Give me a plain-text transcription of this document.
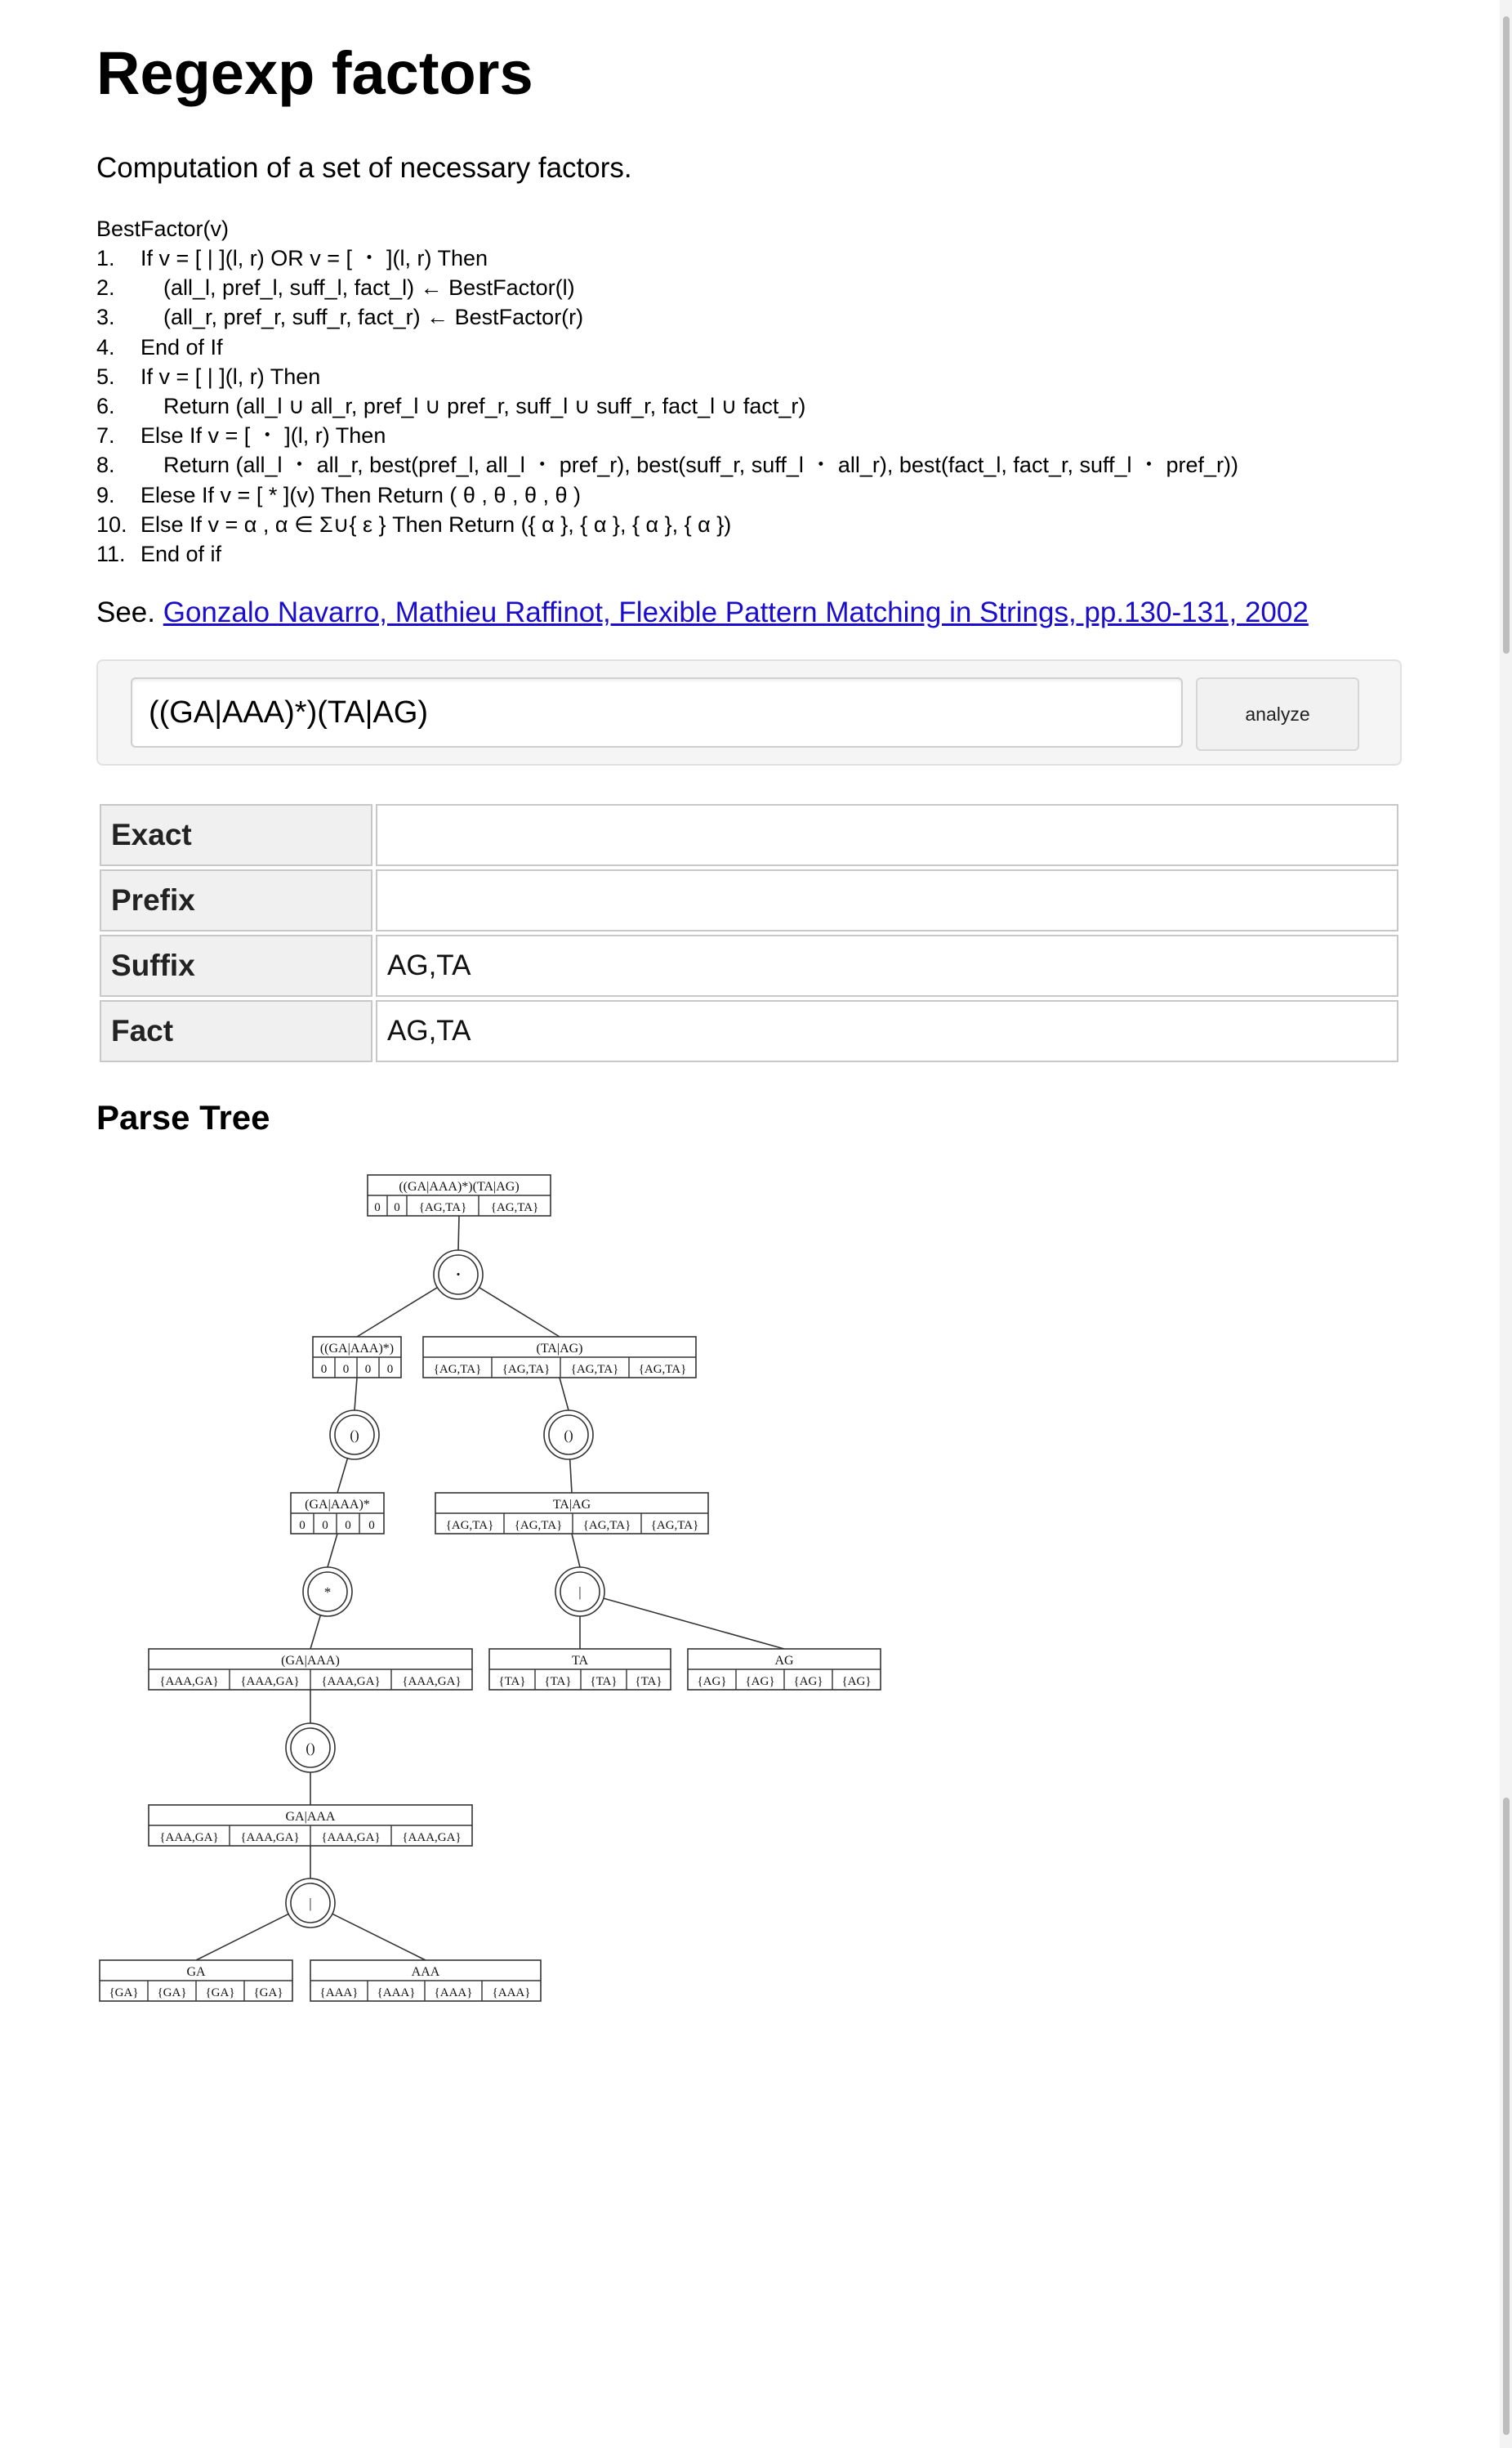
Regexp factors
Computation of a set of necessary factors.
BestFactor(v)
1.	If v = [ | ](l, r) OR v = [ ・ ](l, r) Then
2.	(all_l, pref_l, suff_l, fact_l) ← BestFactor(l)
3.	(all_r, pref_r, suff_r, fact_r) ← BestFactor(r)
4.	End of If
5.	If v = [ | ](l, r) Then
6.	Return (all_l ∪ all_r, pref_l ∪ pref_r, suff_l ∪ suff_r, fact_l ∪ fact_r)
7.	Else If v = [ ・ ](l, r) Then
8.	Return (all_l ・ all_r, best(pref_l, all_l ・ pref_r), best(suff_r, suff_l ・ all_r), best(fact_l, fact_r, suff_l ・ pref_r))
9.	Elese If v = [ * ](v) Then Return ( θ , θ , θ , θ )
10. Else If v = α , α ∈ Σ∪{ ε } Then Return ({ α }, { α }, { α }, { α })
11. End of if
See. Gonzalo Navarro, Mathieu Raffinot, Flexible Pattern Matching in Strings, pp.130-131, 2002
((GA|AAA)*)(TA|AG)
analyze
Exact	
Prefix	
Suffix	AG,TA
Fact	AG,TA
Parse Tree
・
()	()
*	|
()
|
((GA|AAA)*)(TA|AG)
0 0 {AG,TA} {AG,TA}
((GA|AAA)*)
0 0 0 0
(TA|AG)
{AG,TA} {AG,TA} {AG,TA} {AG,TA}
(GA|AAA)*
0 0 0 0
TA|AG
{AG,TA} {AG,TA} {AG,TA} {AG,TA}
(GA|AAA)
{AAA,GA} {AAA,GA} {AAA,GA} {AAA,GA}
TA
{TA} {TA} {TA} {TA}
AG
{AG} {AG} {AG} {AG}
GA|AAA
{AAA,GA} {AAA,GA} {AAA,GA} {AAA,GA}
GA
{GA} {GA} {GA} {GA}
AAA
{AAA} {AAA} {AAA} {AAA}
